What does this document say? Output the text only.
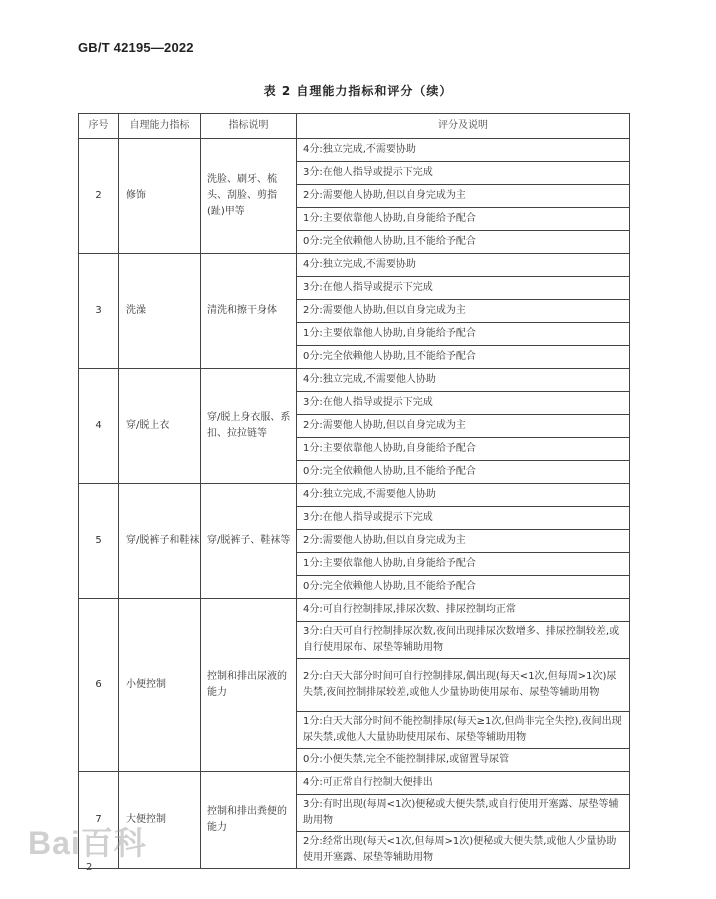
GB/T 42195—2022
表 2 自理能力指标和评分（续）
序号	自理能力指标	指标说明	评分及说明
2	修饰	洗脸、刷牙、梳头、刮脸、剪指(趾)甲等	4分:独立完成,不需要协助
			3分:在他人指导或提示下完成
			2分:需要他人协助,但以自身完成为主
			1分:主要依靠他人协助,自身能给予配合
			0分:完全依赖他人协助,且不能给予配合
3	洗澡	清洗和擦干身体	4分:独立完成,不需要协助
			3分:在他人指导或提示下完成
			2分:需要他人协助,但以自身完成为主
			1分:主要依靠他人协助,自身能给予配合
			0分:完全依赖他人协助,且不能给予配合
4	穿/脱上衣	穿/脱上身衣服、系扣、拉拉链等	4分:独立完成,不需要他人协助
			3分:在他人指导或提示下完成
			2分:需要他人协助,但以自身完成为主
			1分:主要依靠他人协助,自身能给予配合
			0分:完全依赖他人协助,且不能给予配合
5	穿/脱裤子和鞋袜	穿/脱裤子、鞋袜等	4分:独立完成,不需要他人协助
			3分:在他人指导或提示下完成
			2分:需要他人协助,但以自身完成为主
			1分:主要依靠他人协助,自身能给予配合
			0分:完全依赖他人协助,且不能给予配合
6	小便控制	控制和排出尿液的能力	4分:可自行控制排尿,排尿次数、排尿控制均正常
			3分:白天可自行控制排尿次数,夜间出现排尿次数增多、排尿控制较差,或自行使用尿布、尿垫等辅助用物
			2分:白天大部分时间可自行控制排尿,偶出现(每天<1次,但每周>1次)尿失禁,夜间控制排尿较差,或他人少量协助使用尿布、尿垫等辅助用物
			1分:白天大部分时间不能控制排尿(每天≥1次,但尚非完全失控),夜间出现尿失禁,或他人大量协助使用尿布、尿垫等辅助用物
			0分:小便失禁,完全不能控制排尿,或留置导尿管
7	大便控制	控制和排出粪便的能力	4分:可正常自行控制大便排出
			3分:有时出现(每周<1次)便秘或大便失禁,或自行使用开塞露、尿垫等辅助用物
			2分:经常出现(每天<1次,但每周>1次)便秘或大便失禁,或他人少量协助使用开塞露、尿垫等辅助用物
Bai百科
2
